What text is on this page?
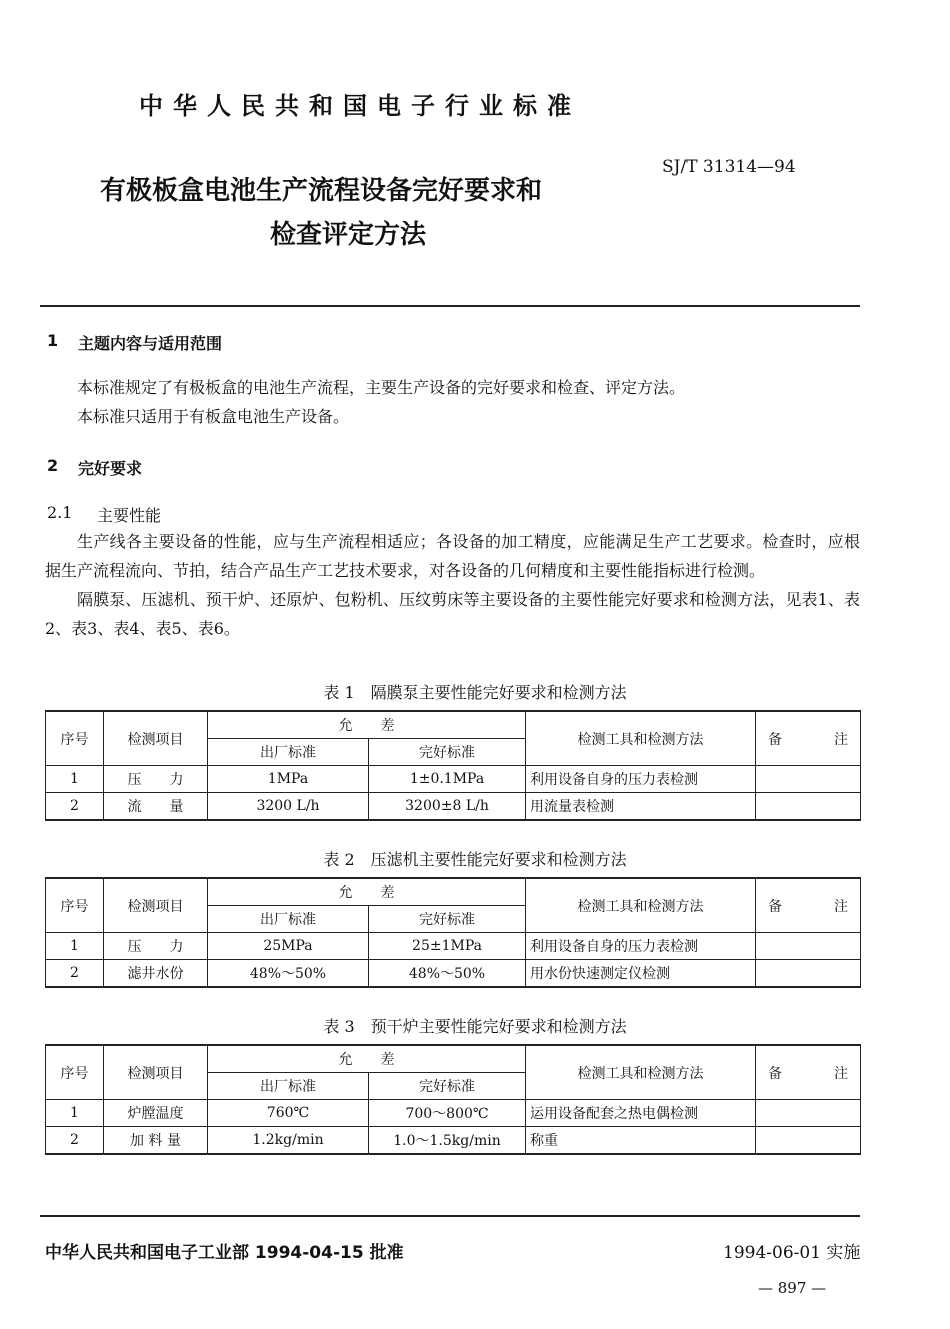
中华人民共和国电子行业标准
SJ/T 31314—94
有极板盒电池生产流程设备完好要求和
检查评定方法
1 主题内容与适用范围

本标准规定了有极板盒的电池生产流程，主要生产设备的完好要求和检查、评定方法。

本标准只适用于有板盒电池生产设备。

2 完好要求
2.1 主要性能

生产线各主要设备的性能，应与生产流程相适应；各设备的加工精度，应能满足生产工艺要求。检查时，应根据生产流程流向、节拍，结合产品生产工艺技术要求，对各设备的几何精度和主要性能指标进行检测。

隔膜泵、压滤机、预干炉、还原炉、包粉机、压纹剪床等主要设备的主要性能完好要求和检测方法，见表1、表2、表3、表4、表5、表6。

表 1　隔膜泵主要性能完好要求和检测方法
序号	检测项目	允　　差		检测工具和检测方法	备 注

		出厂标准	完好标准		
1	压　　力	1MPa	1±0.1MPa	利用设备自身的压力表检测	
2	流　　量	3200 L/h	3200±8 L/h	用流量表检测	
表 2　压滤机主要性能完好要求和检测方法
序号	检测项目	允　　差		检测工具和检测方法	备 注

		出厂标准	完好标准		
1	压　　力	25MPa	25±1MPa	利用设备自身的压力表检测	
2	滤井水份	48%～50%	48%～50%	用水份快速测定仪检测	
表 3　预干炉主要性能完好要求和检测方法
序号	检测项目	允　　差		检测工具和检测方法	备 注

		出厂标准	完好标准		
1	炉膛温度	760℃	700～800℃	运用设备配套之热电偶检测	
2	加 料 量	1.2kg/min	1.0～1.5kg/min	称重	
中华人民共和国电子工业部 1994-04-15 批准	1994-06-01 实施
— 897 —
